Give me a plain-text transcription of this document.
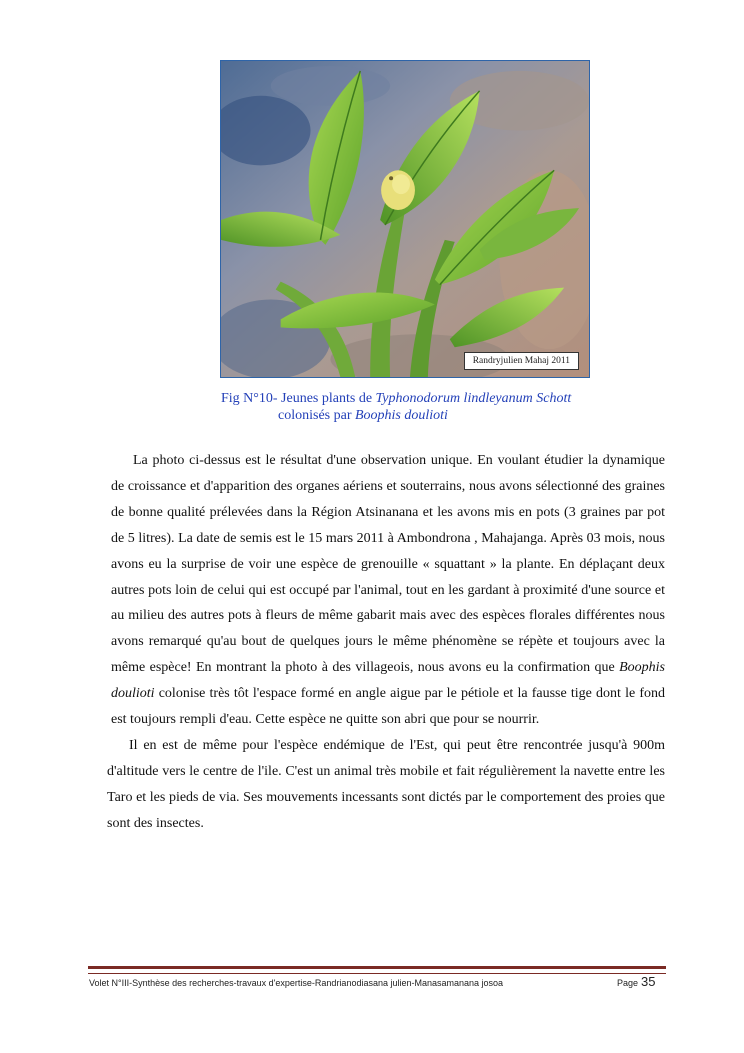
Randryjulien Mahaj 2011
Fig N°10- Jeunes plants de Typhonodorum lindleyanum Schott
colonisés par Boophis doulioti

La photo ci-dessus est le résultat d'une observation unique. En voulant étudier la dynamique de croissance et d'apparition des organes aériens et souterrains, nous avons sélectionné des graines de bonne qualité prélevées dans la Région Atsinanana et les avons mis en pots (3 graines par pot de 5 litres). La date de semis est le 15 mars 2011 à Ambondrona , Mahajanga. Après 03 mois, nous avons eu la surprise de voir une espèce de grenouille « squattant » la plante. En déplaçant deux autres pots loin de celui qui est occupé par l'animal, tout en les gardant à proximité d'une source et au milieu des autres pots à fleurs de même gabarit mais avec des espèces florales différentes nous avons remarqué qu'au bout de quelques jours le même phénomène se répète et toujours avec la même espèce! En montrant la photo à des villageois, nous avons eu la confirmation que Boophis doulioti colonise très tôt l'espace formé en angle aigue par le pétiole et la fausse tige dont le fond est toujours rempli d'eau. Cette espèce ne quitte son abri que pour se nourrir.

Il en est de même pour l'espèce endémique de l'Est, qui peut être rencontrée jusqu'à 900m d'altitude vers le centre de l'ile. C'est un animal très mobile et fait régulièrement la navette entre les Taro et les pieds de via. Ses mouvements incessants sont dictés par le comportement des proies que sont des insectes.

Volet N°III-Synthèse des recherches-travaux d'expertise-Randrianodiasana julien-Manasamanana josoa	Page 35
